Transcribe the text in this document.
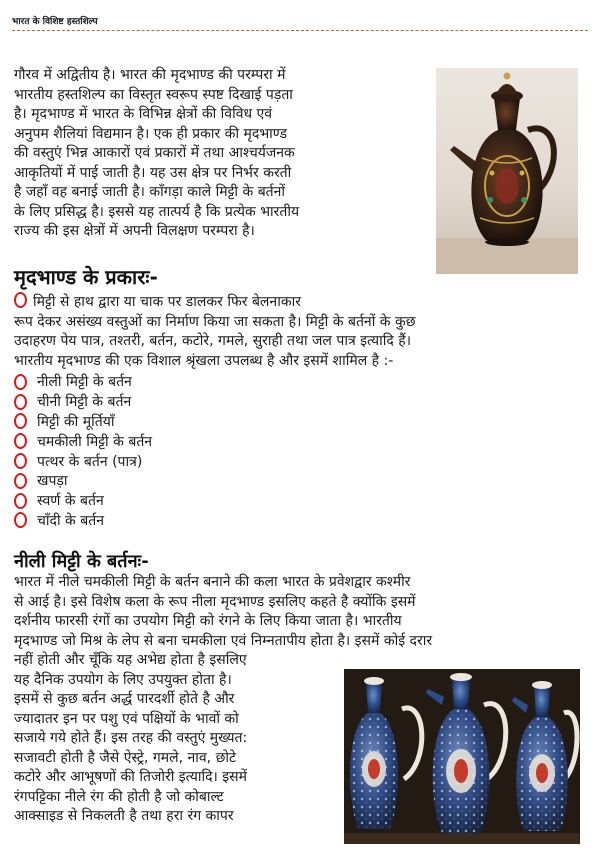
भारत के विशिष्ट हस्तशिल्प
गौरव में अद्वितीय है। भारत की मृदभाण्ड की परम्परा में
भारतीय हस्तशिल्प का विस्तृत स्वरूप स्पष्ट दिखाई पड़ता
है। मृदभाण्ड में भारत के विभिन्न क्षेत्रों की विविध एवं
अनुपम शैलियां विद्यमान है। एक ही प्रकार की मृदभाण्ड
की वस्तुएं भिन्न आकारों एवं प्रकारों में तथा आश्चर्यजनक
आकृतियों में पाई जाती है। यह उस क्षेत्र पर निर्भर करती
है जहाँ वह बनाई जाती है। काँगड़ा काले मिट्टी के बर्तनों
के लिए प्रसिद्ध है। इससे यह तात्पर्य है कि प्रत्येक भारतीय
राज्य की इस क्षेत्रों में अपनी विलक्षण परम्परा है।
मृदभाण्ड के प्रकारः-
मिट्टी से हाथ द्वारा या चाक पर डालकर फिर बेलनाकार
रूप देकर असंख्य वस्तुओं का निर्माण किया जा सकता है। मिट्टी के बर्तनों के कुछ
उदाहरण पेय पात्र, तश्तरी, बर्तन, कटोरे, गमले, सुराही तथा जल पात्र इत्यादि हैं।
भारतीय मृदभाण्ड की एक विशाल श्रृंखला उपलब्ध है और इसमें शामिल है :-
नीली मिट्टी के बर्तन
चीनी मिट्टी के बर्तन
मिट्टी की मूर्तियाँ
चमकीली मिट्टी के बर्तन
पत्थर के बर्तन (पात्र)
खपड़ा
स्वर्ण के बर्तन
चाँदी के बर्तन
नीली मिट्टी के बर्तनः-
भारत में नीले चमकीली मिट्टी के बर्तन बनाने की कला भारत के प्रवेशद्वार कश्मीर
से आई है। इसे विशेष कला के रूप नीला मृदभाण्ड इसलिए कहते है क्योंकि इसमें
दर्शनीय फारसी रंगों का उपयोग मिट्टी को रंगने के लिए किया जाता है। भारतीय
मृदभाण्ड जो मिश्र के लेप से बना चमकीला एवं निम्नतापीय होता है। इसमें कोई दरार
नहीं होती और चूँकि यह अभेद्य होता है इसलिए
यह दैनिक उपयोग के लिए उपयुक्त होता है।
इसमें से कुछ बर्तन अर्द्ध पारदर्शी होते है और
ज्यादातर इन पर पशु एवं पक्षियों के भावों को
सजाये गये होते हैं। इस तरह की वस्तुएं मुख्यत:
सजावटी होती है जैसे ऐस्ट्रे, गमले, नाव, छोटे
कटोरे और आभूषणों की तिजोरी इत्यादि। इसमें
रंगपट्टिका नीले रंग की होती है जो कोबाल्ट
आक्साइड से निकलती है तथा हरा रंग कापर
